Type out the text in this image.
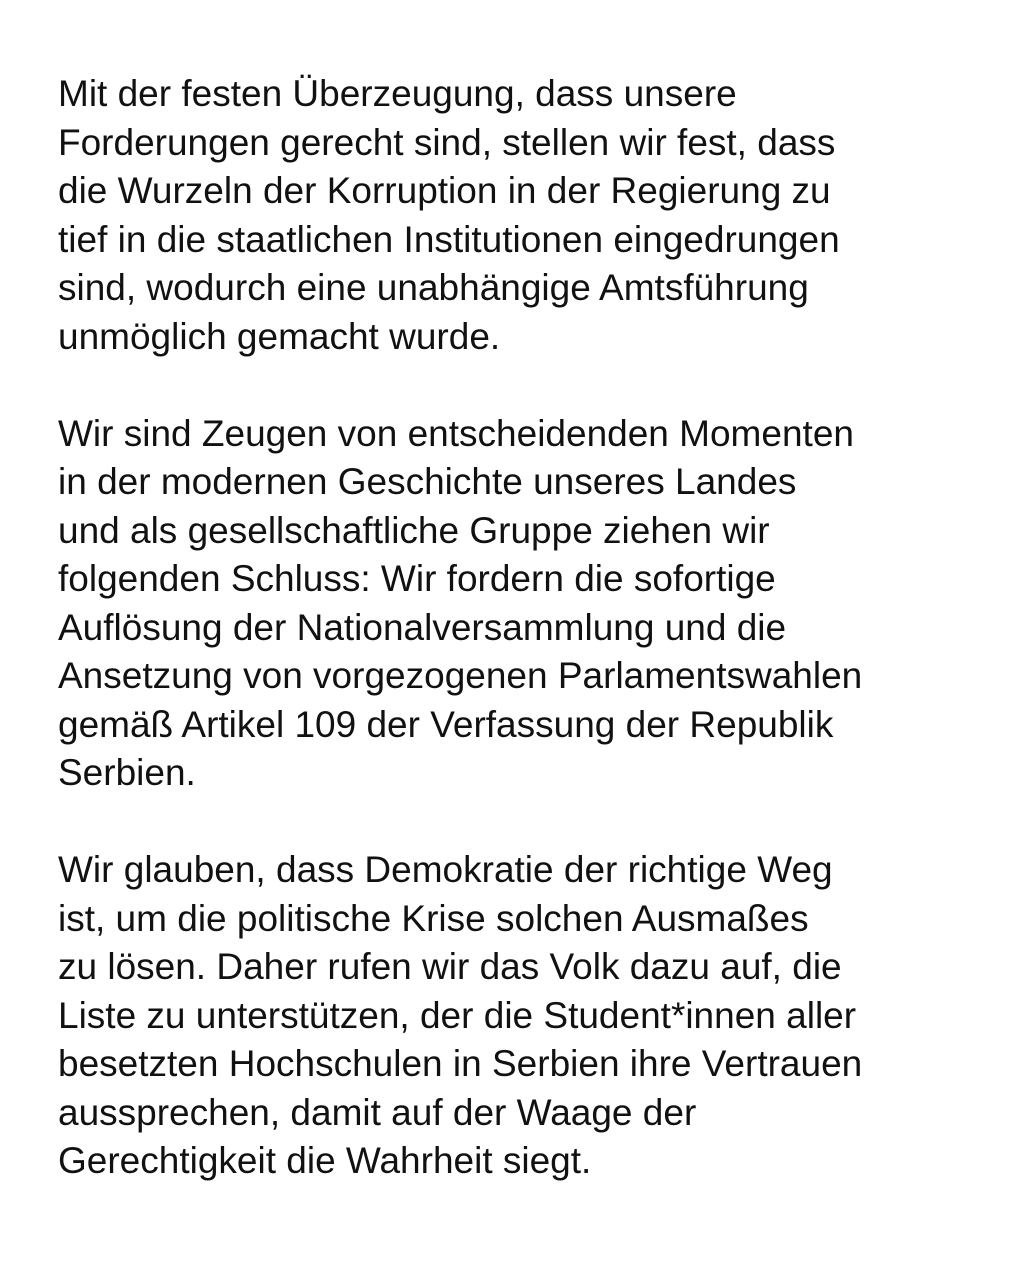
Mit der festen Überzeugung, dass unsere
Forderungen gerecht sind, stellen wir fest, dass
die Wurzeln der Korruption in der Regierung zu
tief in die staatlichen Institutionen eingedrungen
sind, wodurch eine unabhängige Amtsführung
unmöglich gemacht wurde.

Wir sind Zeugen von entscheidenden Momenten
in der modernen Geschichte unseres Landes
und als gesellschaftliche Gruppe ziehen wir
folgenden Schluss: Wir fordern die sofortige
Auflösung der Nationalversammlung und die
Ansetzung von vorgezogenen Parlamentswahlen
gemäß Artikel 109 der Verfassung der Republik
Serbien.

Wir glauben, dass Demokratie der richtige Weg
ist, um die politische Krise solchen Ausmaßes
zu lösen. Daher rufen wir das Volk dazu auf, die
Liste zu unterstützen, der die Student*innen aller
besetzten Hochschulen in Serbien ihre Vertrauen
aussprechen, damit auf der Waage der
Gerechtigkeit die Wahrheit siegt.
